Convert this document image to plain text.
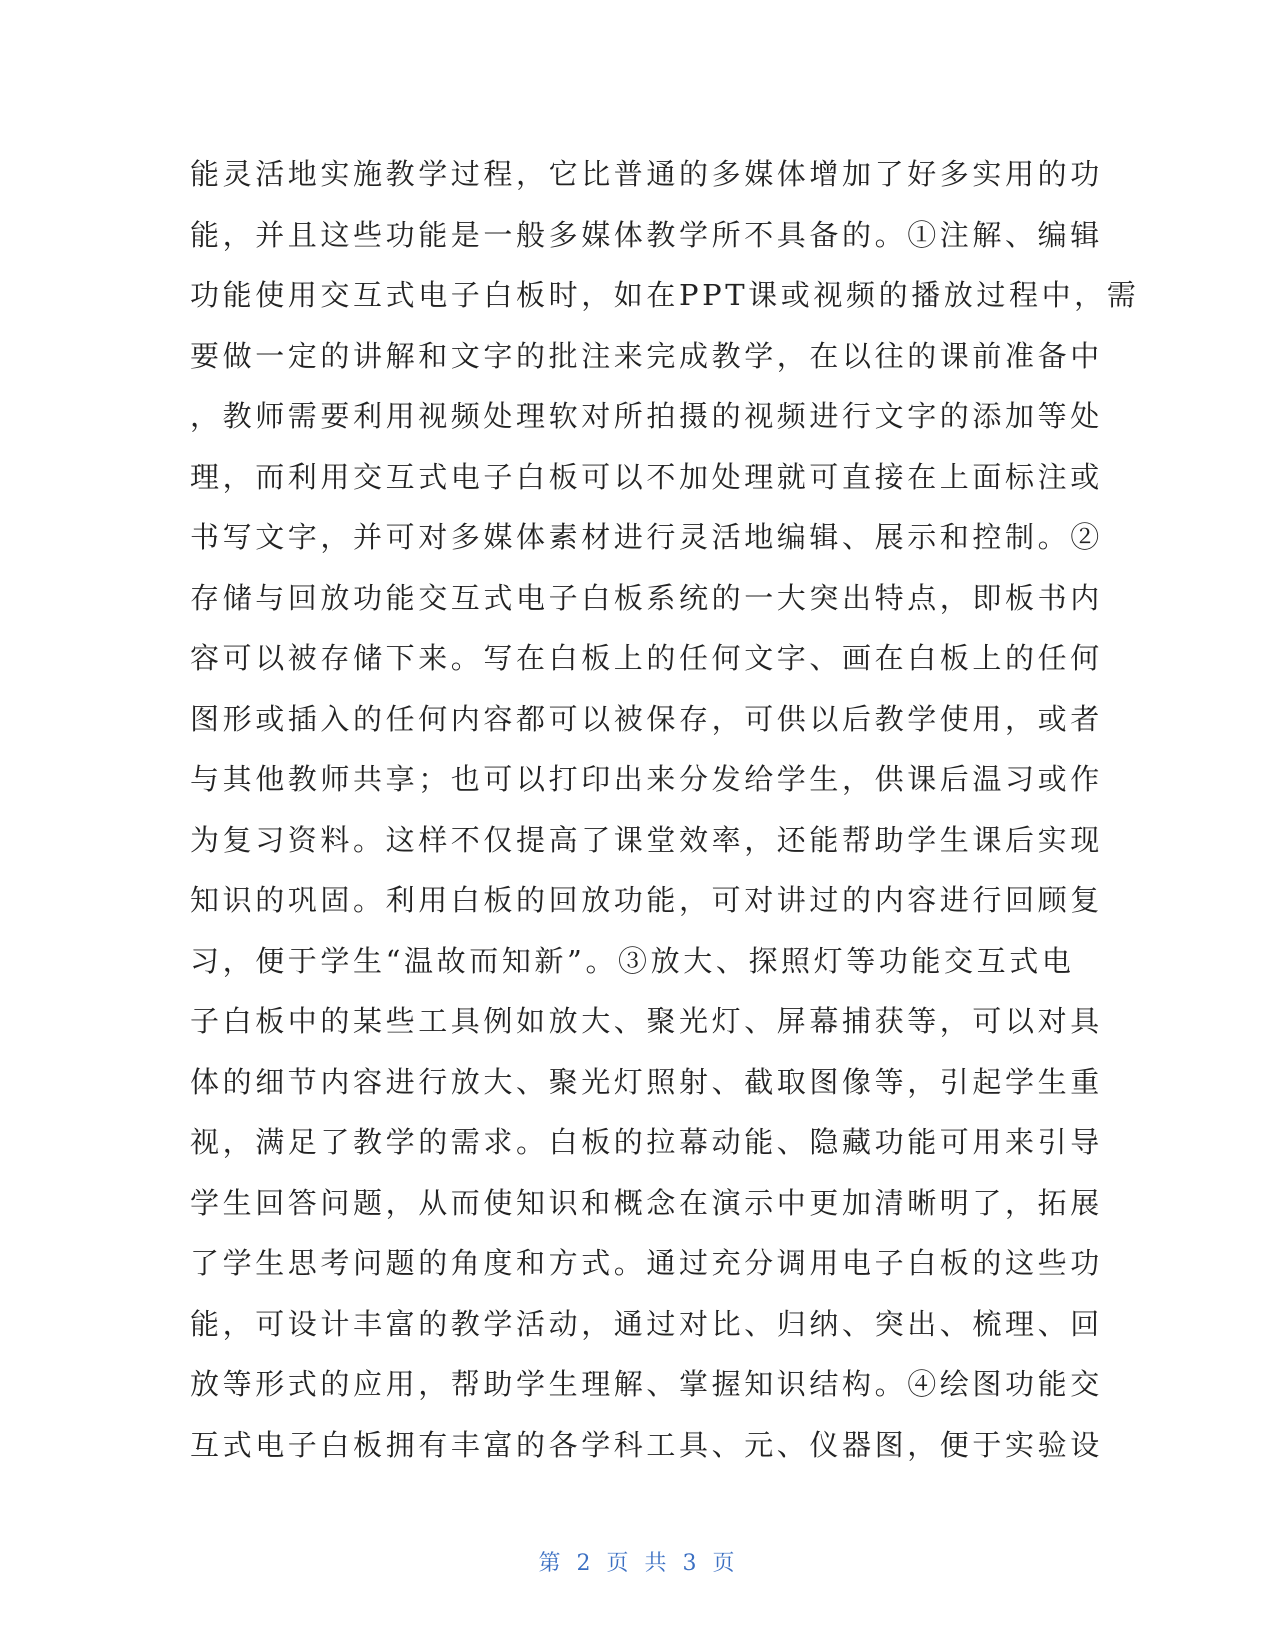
能灵活地实施教学过程，它比普通的多媒体增加了好多实用的功
能，并且这些功能是一般多媒体教学所不具备的。①注解、编辑
功能使用交互式电子白板时，如在PPT课或视频的播放过程中，需
要做一定的讲解和文字的批注来完成教学，在以往的课前准备中
，教师需要利用视频处理软对所拍摄的视频进行文字的添加等处
理，而利用交互式电子白板可以不加处理就可直接在上面标注或
书写文字，并可对多媒体素材进行灵活地编辑、展示和控制。②
存储与回放功能交互式电子白板系统的一大突出特点，即板书内
容可以被存储下来。写在白板上的任何文字、画在白板上的任何
图形或插入的任何内容都可以被保存，可供以后教学使用，或者
与其他教师共享；也可以打印出来分发给学生，供课后温习或作
为复习资料。这样不仅提高了课堂效率，还能帮助学生课后实现
知识的巩固。利用白板的回放功能，可对讲过的内容进行回顾复
习，便于学生“温故而知新”。③放大、探照灯等功能交互式电
子白板中的某些工具例如放大、聚光灯、屏幕捕获等，可以对具
体的细节内容进行放大、聚光灯照射、截取图像等，引起学生重
视，满足了教学的需求。白板的拉幕动能、隐藏功能可用来引导
学生回答问题，从而使知识和概念在演示中更加清晰明了，拓展
了学生思考问题的角度和方式。通过充分调用电子白板的这些功
能，可设计丰富的教学活动，通过对比、归纳、突出、梳理、回
放等形式的应用，帮助学生理解、掌握知识结构。④绘图功能交
互式电子白板拥有丰富的各学科工具、元、仪器图，便于实验设
第 2 页 共 3 页
